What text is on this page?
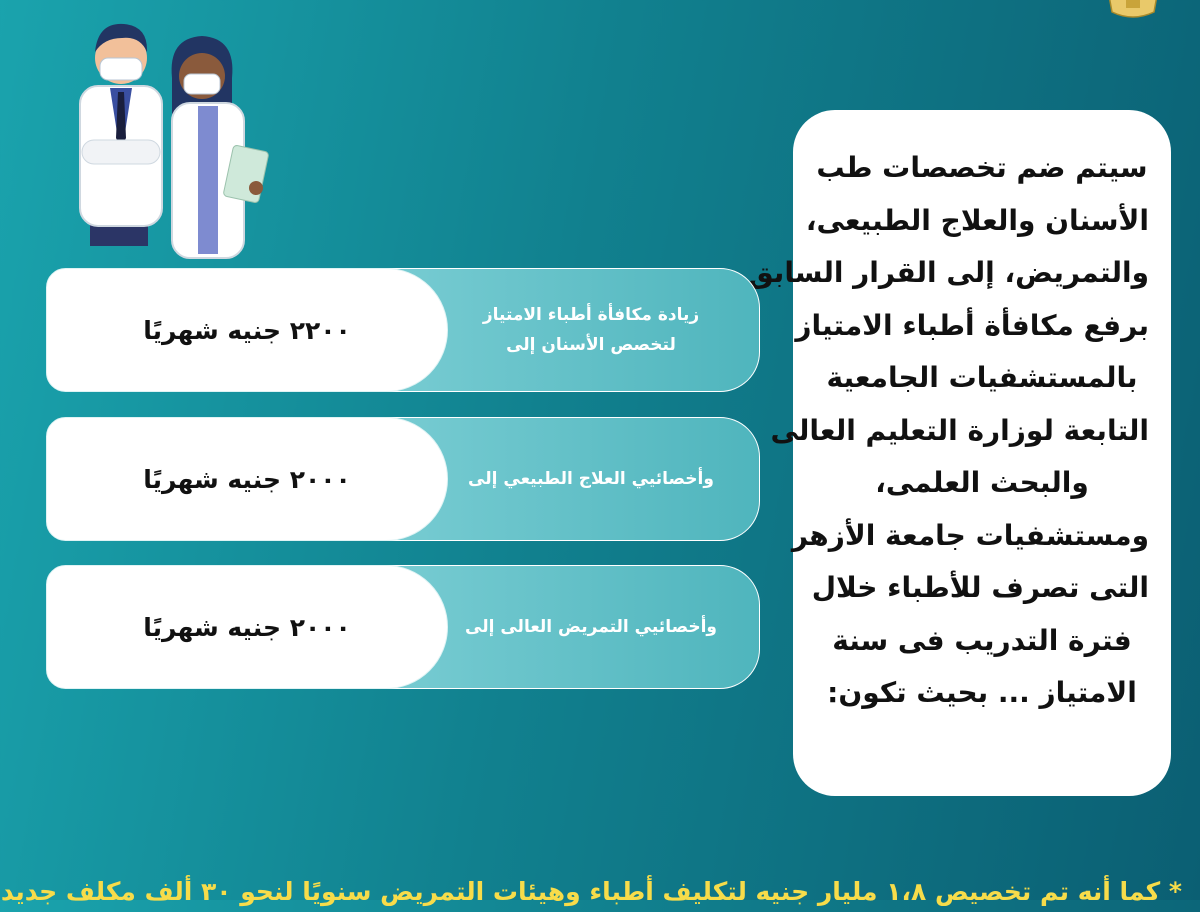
سيتم ضم تخصصات طب
الأسنان والعلاج الطبيعى،
والتمريض، إلى القرار السابق
برفع مكافأة أطباء الامتياز
بالمستشفيات الجامعية
التابعة لوزارة التعليم العالى
والبحث العلمى،
ومستشفيات جامعة الأزهر
التى تصرف للأطباء خلال
فترة التدريب فى سنة
الامتياز ... بحيث تكون:
زيادة مكافأة أطباء الامتياز
لتخصص الأسنان إلى
٢٢٠٠ جنيه شهريًا
وأخصائيي العلاج الطبيعي إلى
٢٠٠٠ جنيه شهريًا
وأخصائيي التمريض العالى إلى
٢٠٠٠ جنيه شهريًا
* كما أنه تم تخصيص ١،٨ مليار جنيه لتكليف أطباء وهيئات التمريض سنويًا لنحو ٣٠ ألف مكلف جديد
